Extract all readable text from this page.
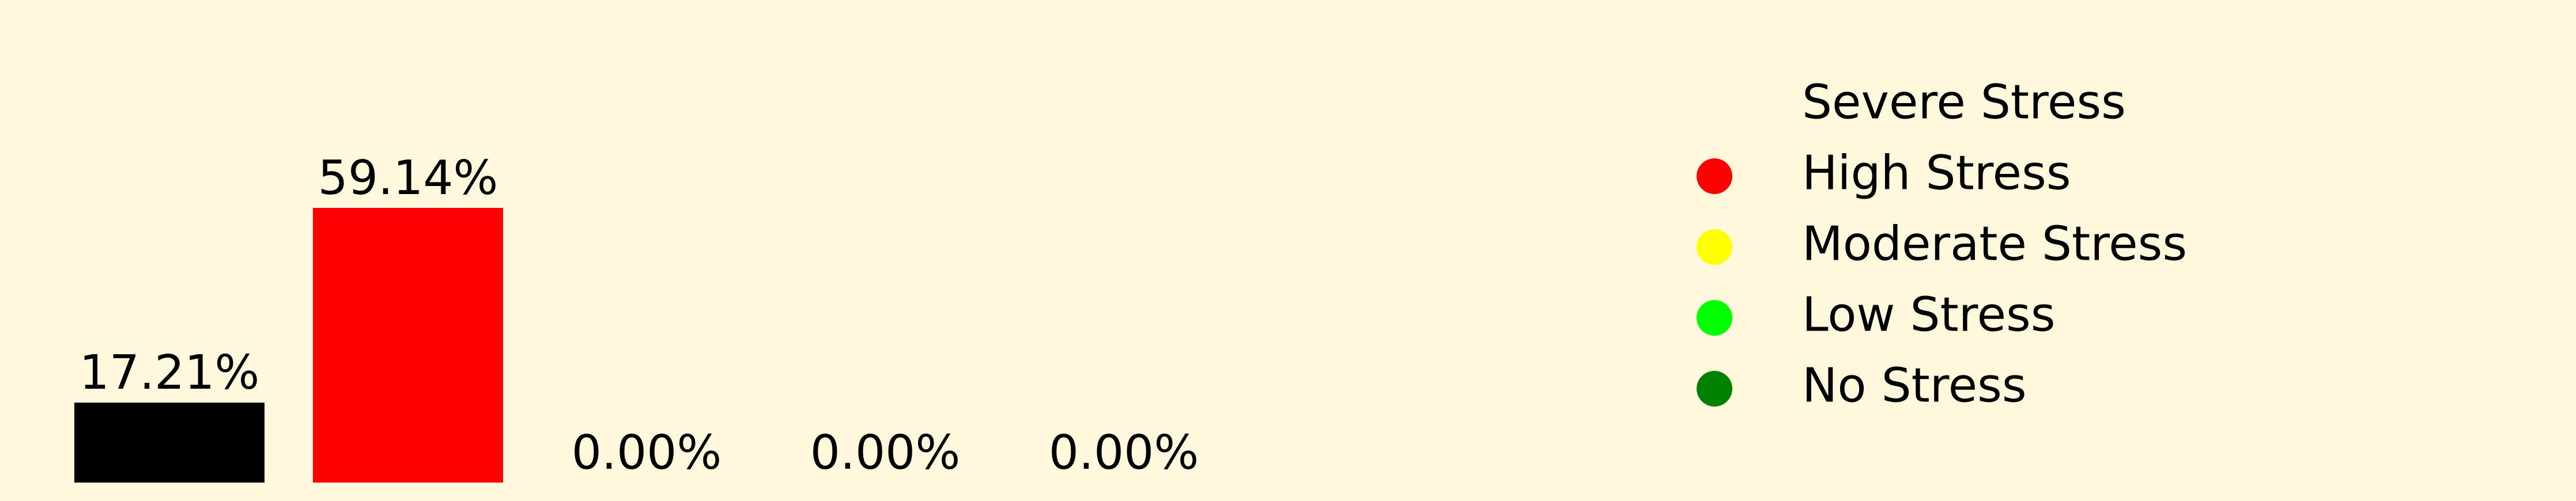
17.21%
59.14%
0.00% 0.00% 0.00%
Severe Stress
High Stress
Moderate Stress
Low Stress
No Stress
